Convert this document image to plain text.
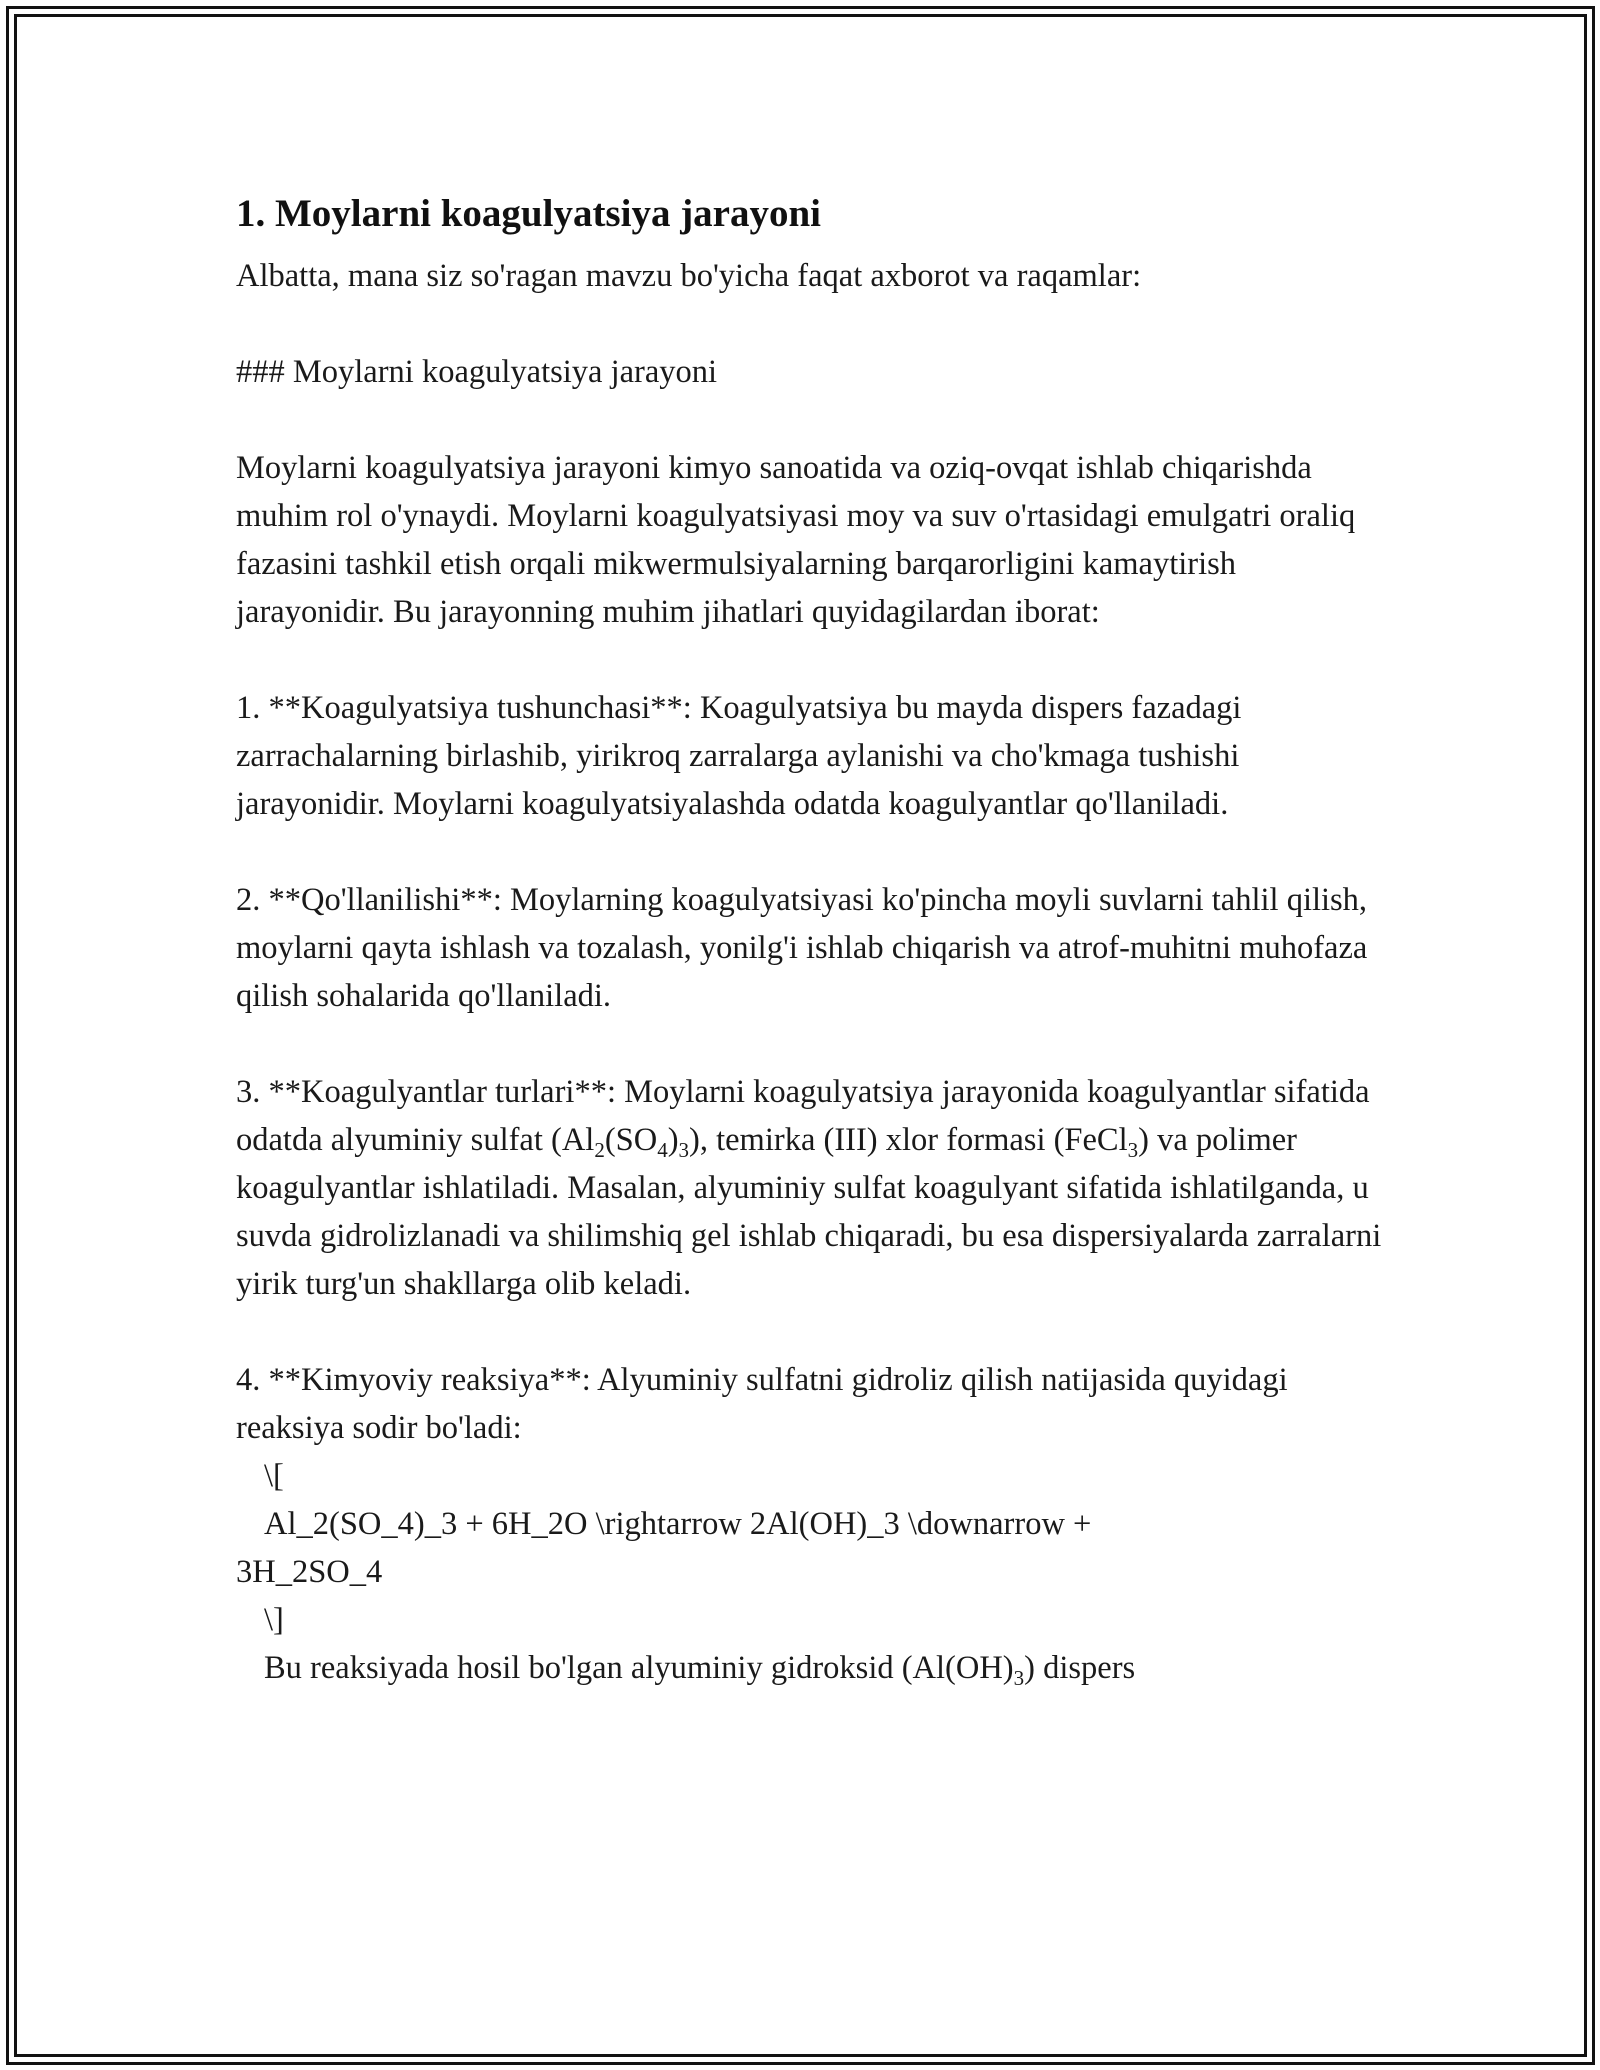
1. Moylarni koagulyatsiya jarayoni

Albatta, mana siz so'ragan mavzu bo'yicha faqat axborot va raqamlar:

### Moylarni koagulyatsiya jarayoni

Moylarni koagulyatsiya jarayoni kimyo sanoatida va oziq-ovqat ishlab chiqarishda muhim rol o'ynaydi. Moylarni koagulyatsiyasi moy va suv o'rtasidagi emulgatri oraliq fazasini tashkil etish orqali mikwermulsiyalarning barqarorligini kamaytirish jarayonidir. Bu jarayonning muhim jihatlari quyidagilardan iborat:

1. **Koagulyatsiya tushunchasi**: Koagulyatsiya bu mayda dispers fazadagi zarrachalarning birlashib, yirikroq zarralarga aylanishi va cho'kmaga tushishi jarayonidir. Moylarni koagulyatsiyalashda odatda koagulyantlar qo'llaniladi.

2. **Qo'llanilishi**: Moylarning koagulyatsiyasi ko'pincha moyli suvlarni tahlil qilish, moylarni qayta ishlash va tozalash, yonilg'i ishlab chiqarish va atrof-muhitni muhofaza qilish sohalarida qo'llaniladi.

3. **Koagulyantlar turlari**: Moylarni koagulyatsiya jarayonida koagulyantlar sifatida odatda alyuminiy sulfat $(Al_2(SO_4)_3)$, temirka (III) xlor formasi (FeCl$_3$) va polimer koagulyantlar ishlatiladi. Masalan, alyuminiy sulfat koagulyant sifatida ishlatilganda, u suvda gidrolizlanadi va shilimshiq gel ishlab chiqaradi, bu esa dispersiyalarda zarralarni yirik turg'un shakllarga olib keladi.

4. **Kimyoviy reaksiya**: Alyuminiy sulfatni gidroliz qilish natijasida quyidagi reaksiya sodir bo'ladi:

\[

Al_2(SO_4)_3 + 6H_2O \rightarrow 2Al(OH)_3 \downarrow +

3H_2SO_4

\]

Bu reaksiyada hosil bo'lgan alyuminiy gidroksid $(Al(OH)_3)$ dispers
